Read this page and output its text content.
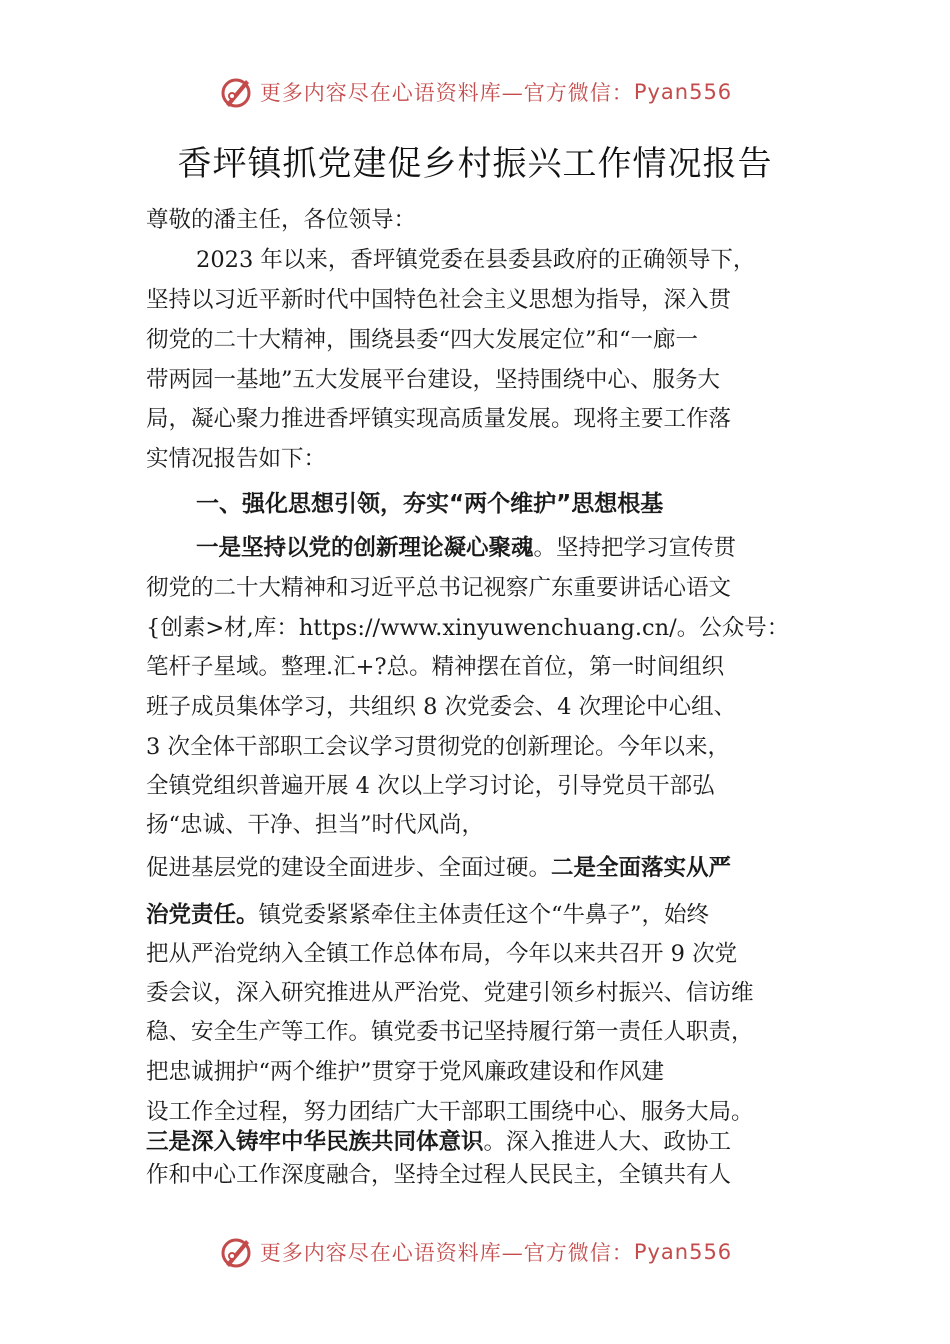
更多内容尽在心语资料库—官方微信： Pyan556
香坪镇抓党建促乡村振兴工作情况报告
尊敬的潘主任，各位领导：
2023 年以来，香坪镇党委在县委县政府的正确领导下，
坚持以习近平新时代中国特色社会主义思想为指导，深入贯
彻党的二十大精神，围绕县委“四大发展定位”和“一廊一
带两园一基地”五大发展平台建设，坚持围绕中心、服务大
局，凝心聚力推进香坪镇实现高质量发展。现将主要工作落
实情况报告如下：
一、强化思想引领，夯实“两个维护”思想根基
一是坚持以党的创新理论凝心聚魂。坚持把学习宣传贯
彻党的二十大精神和习近平总书记视察广东重要讲话心语文
{创素>材,库：https://www.xinyuwenchuang.cn/。公众号：
笔杆子星域。整理.汇+?总。精神摆在首位，第一时间组织
班子成员集体学习，共组织 8 次党委会、4 次理论中心组、
3 次全体干部职工会议学习贯彻党的创新理论。今年以来，
全镇党组织普遍开展 4 次以上学习讨论，引导党员干部弘
扬“忠诚、干净、担当”时代风尚，
促进基层党的建设全面进步、全面过硬。二是全面落实从严
治党责任。镇党委紧紧牵住主体责任这个“牛鼻子”，始终
把从严治党纳入全镇工作总体布局，今年以来共召开 9 次党
委会议，深入研究推进从严治党、党建引领乡村振兴、信访维
稳、安全生产等工作。镇党委书记坚持履行第一责任人职责，
把忠诚拥护“两个维护”贯穿于党风廉政建设和作风建
设工作全过程，努力团结广大干部职工围绕中心、服务大局。
三是深入铸牢中华民族共同体意识。深入推进人大、政协工
作和中心工作深度融合，坚持全过程人民民主，全镇共有人
更多内容尽在心语资料库—官方微信： Pyan556
